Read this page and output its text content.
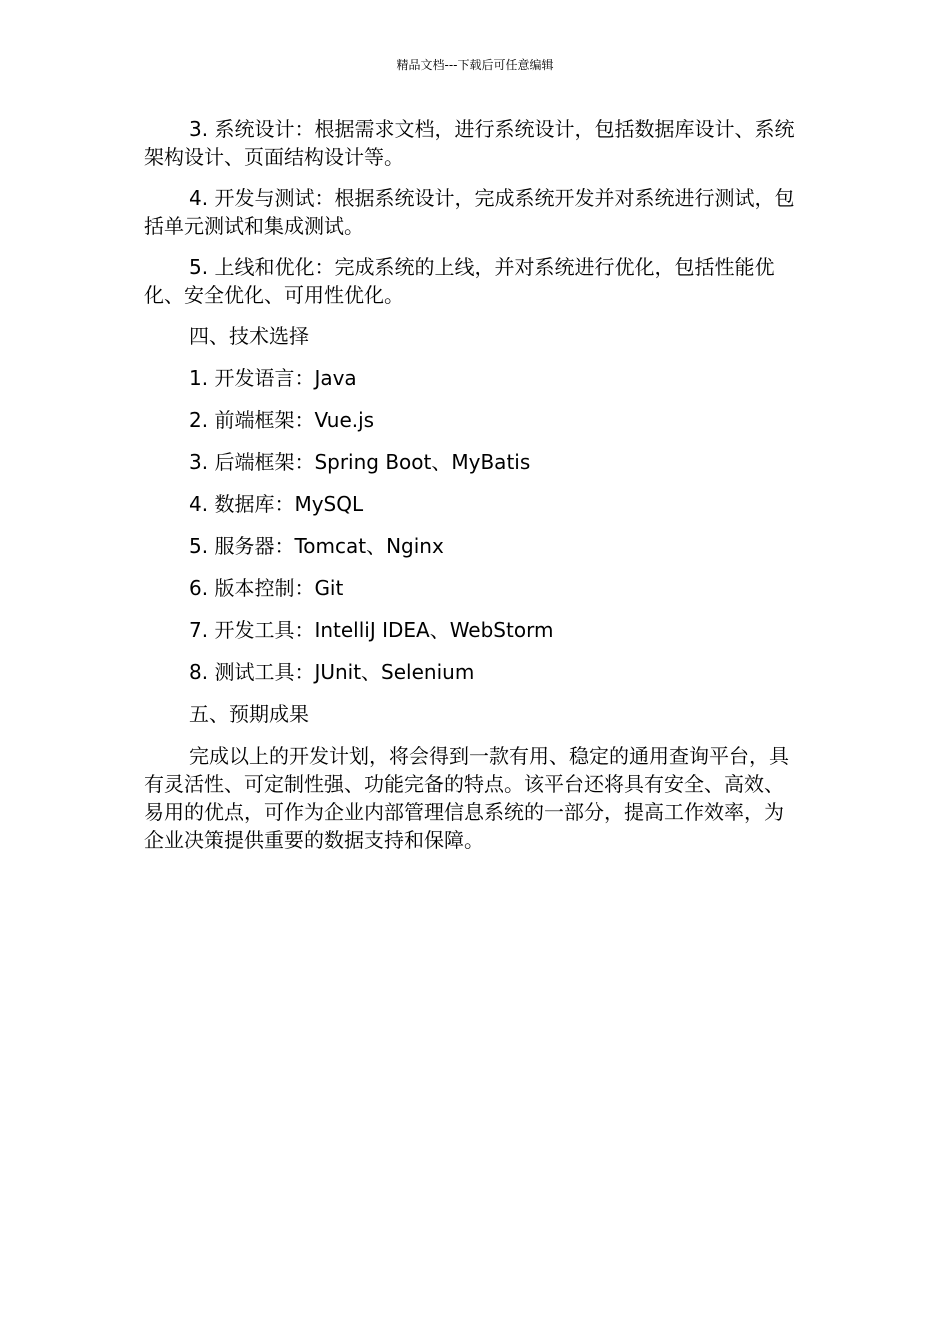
精品文档---下载后可任意编辑

3. 系统设计：根据需求文档，进行系统设计，包括数据库设计、系统架构设计、页面结构设计等。

4. 开发与测试：根据系统设计，完成系统开发并对系统进行测试，包括单元测试和集成测试。

5. 上线和优化：完成系统的上线，并对系统进行优化，包括性能优化、安全优化、可用性优化。

四、技术选择

1. 开发语言：Java

2. 前端框架：Vue.js

3. 后端框架：Spring Boot、MyBatis

4. 数据库：MySQL

5. 服务器：Tomcat、Nginx

6. 版本控制：Git

7. 开发工具：IntelliJ IDEA、WebStorm

8. 测试工具：JUnit、Selenium

五、预期成果

完成以上的开发计划，将会得到一款有用、稳定的通用查询平台，具有灵活性、可定制性强、功能完备的特点。该平台还将具有安全、高效、易用的优点，可作为企业内部管理信息系统的一部分，提高工作效率，为企业决策提供重要的数据支持和保障。
